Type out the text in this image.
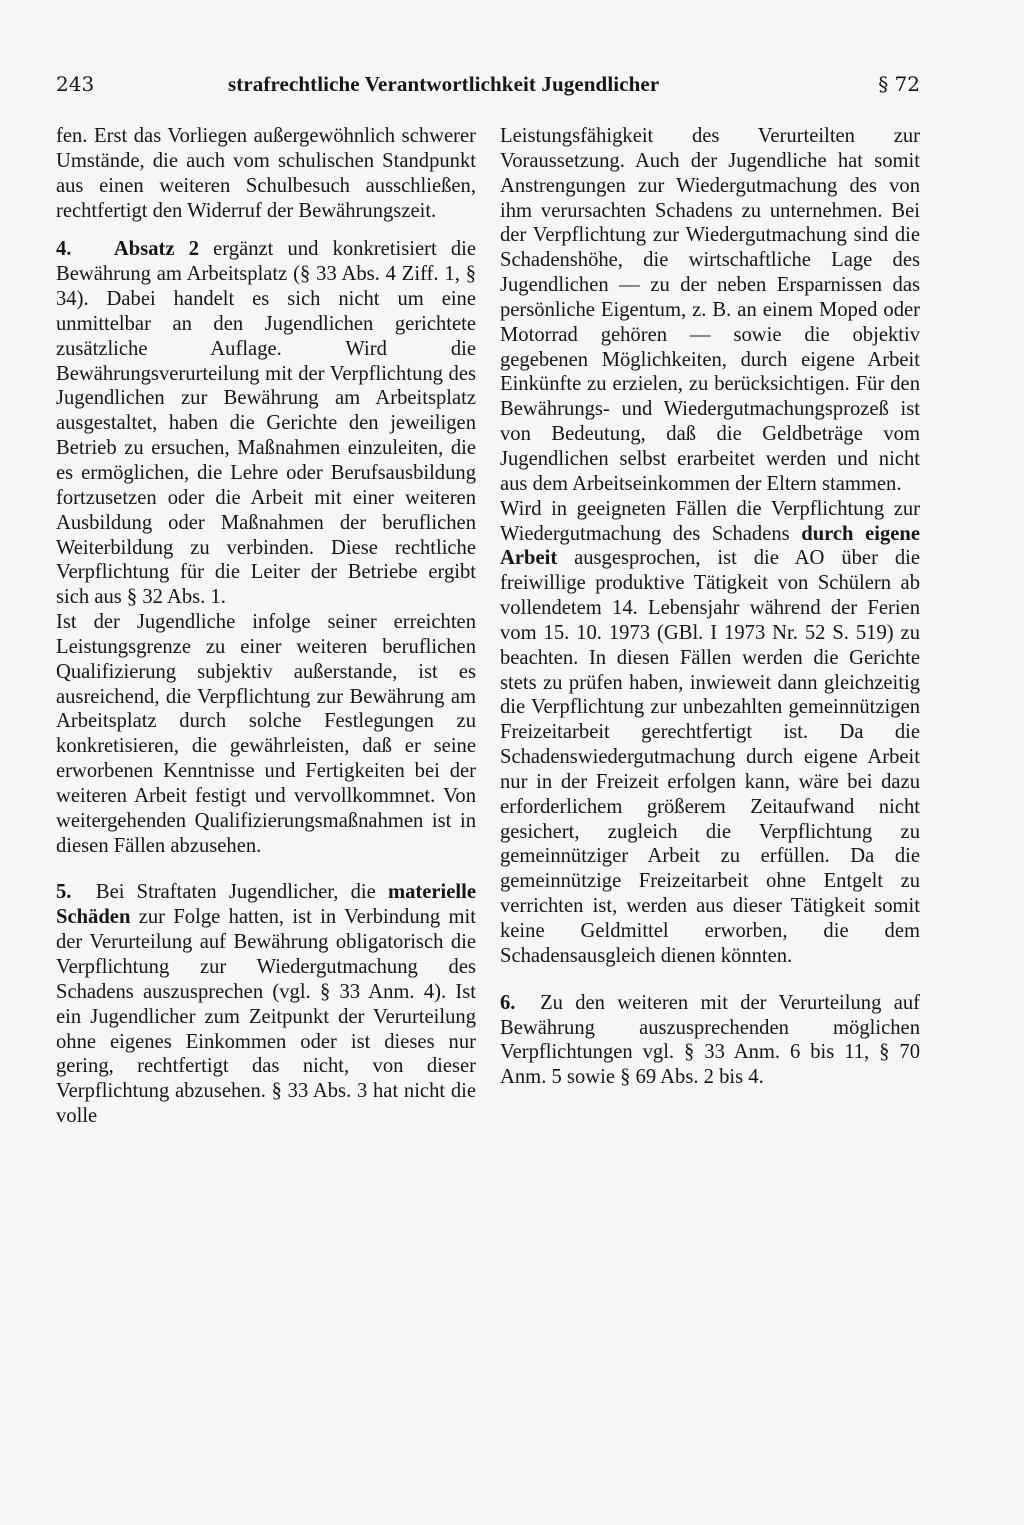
243	strafrechtliche Verantwortlichkeit Jugendlicher	§ 72

fen. Erst das Vorliegen außergewöhnlich schwerer Umstände, die auch vom schulischen Standpunkt aus einen weiteren Schulbesuch ausschließen, rechtfertigt den Widerruf der Bewährungszeit.

4. Absatz 2 ergänzt und konkretisiert die Bewährung am Arbeitsplatz (§ 33 Abs. 4 Ziff. 1, § 34). Dabei handelt es sich nicht um eine unmittelbar an den Jugendlichen gerichtete zusätzliche Auflage. Wird die Bewährungsverurteilung mit der Verpflichtung des Jugendlichen zur Bewährung am Arbeitsplatz ausgestaltet, haben die Gerichte den jeweiligen Betrieb zu ersuchen, Maßnahmen einzuleiten, die es ermöglichen, die Lehre oder Berufsausbildung fortzusetzen oder die Arbeit mit einer weiteren Ausbildung oder Maßnahmen der beruflichen Weiterbildung zu verbinden. Diese rechtliche Verpflichtung für die Leiter der Betriebe ergibt sich aus § 32 Abs. 1.

Ist der Jugendliche infolge seiner erreichten Leistungsgrenze zu einer weiteren beruflichen Qualifizierung subjektiv außerstande, ist es ausreichend, die Verpflichtung zur Bewährung am Arbeitsplatz durch solche Festlegungen zu konkretisieren, die gewährleisten, daß er seine erworbenen Kenntnisse und Fertigkeiten bei der weiteren Arbeit festigt und vervollkommnet. Von weitergehenden Qualifizierungsmaßnahmen ist in diesen Fällen abzusehen.

5.  Bei Straftaten Jugendlicher, die materielle Schäden zur Folge hatten, ist in Verbindung mit der Verurteilung auf Bewährung obligatorisch die Verpflichtung zur Wiedergutmachung des Schadens auszusprechen (vgl. § 33 Anm. 4). Ist ein Jugendlicher zum Zeitpunkt der Verurteilung ohne eigenes Einkommen oder ist dieses nur gering, rechtfertigt das nicht, von dieser Verpflichtung abzusehen. § 33 Abs. 3 hat nicht die volle

Leistungsfähigkeit des Verurteilten zur Voraussetzung. Auch der Jugendliche hat somit Anstrengungen zur Wiedergutmachung des von ihm verursachten Schadens zu unternehmen. Bei der Verpflichtung zur Wiedergutmachung sind die Schadenshöhe, die wirtschaftliche Lage des Jugendlichen — zu der neben Ersparnissen das persönliche Eigentum, z. B. an einem Moped oder Motorrad gehören — sowie die objektiv gegebenen Möglichkeiten, durch eigene Arbeit Einkünfte zu erzielen, zu berücksichtigen. Für den Bewährungs- und Wiedergutmachungsprozeß ist von Bedeutung, daß die Geldbeträge vom Jugendlichen selbst erarbeitet werden und nicht aus dem Arbeitseinkommen der Eltern stammen.

Wird in geeigneten Fällen die Verpflichtung zur Wiedergutmachung des Schadens durch eigene Arbeit ausgesprochen, ist die AO über die freiwillige produktive Tätigkeit von Schülern ab vollendetem 14. Lebensjahr während der Ferien vom 15. 10. 1973 (GBl. I 1973 Nr. 52 S. 519) zu beachten. In diesen Fällen werden die Gerichte stets zu prüfen haben, inwieweit dann gleichzeitig die Verpflichtung zur unbezahlten gemeinnützigen Freizeitarbeit gerechtfertigt ist. Da die Schadenswiedergutmachung durch eigene Arbeit nur in der Freizeit erfolgen kann, wäre bei dazu erforderlichem größerem Zeitaufwand nicht gesichert, zugleich die Verpflichtung zu gemeinnütziger Arbeit zu erfüllen. Da die gemeinnützige Freizeitarbeit ohne Entgelt zu verrichten ist, werden aus dieser Tätigkeit somit keine Geldmittel erworben, die dem Schadensausgleich dienen könnten.

6.  Zu den weiteren mit der Verurteilung auf Bewährung auszusprechenden möglichen Verpflichtungen vgl. § 33 Anm. 6 bis 11, § 70 Anm. 5 sowie § 69 Abs. 2 bis 4.
